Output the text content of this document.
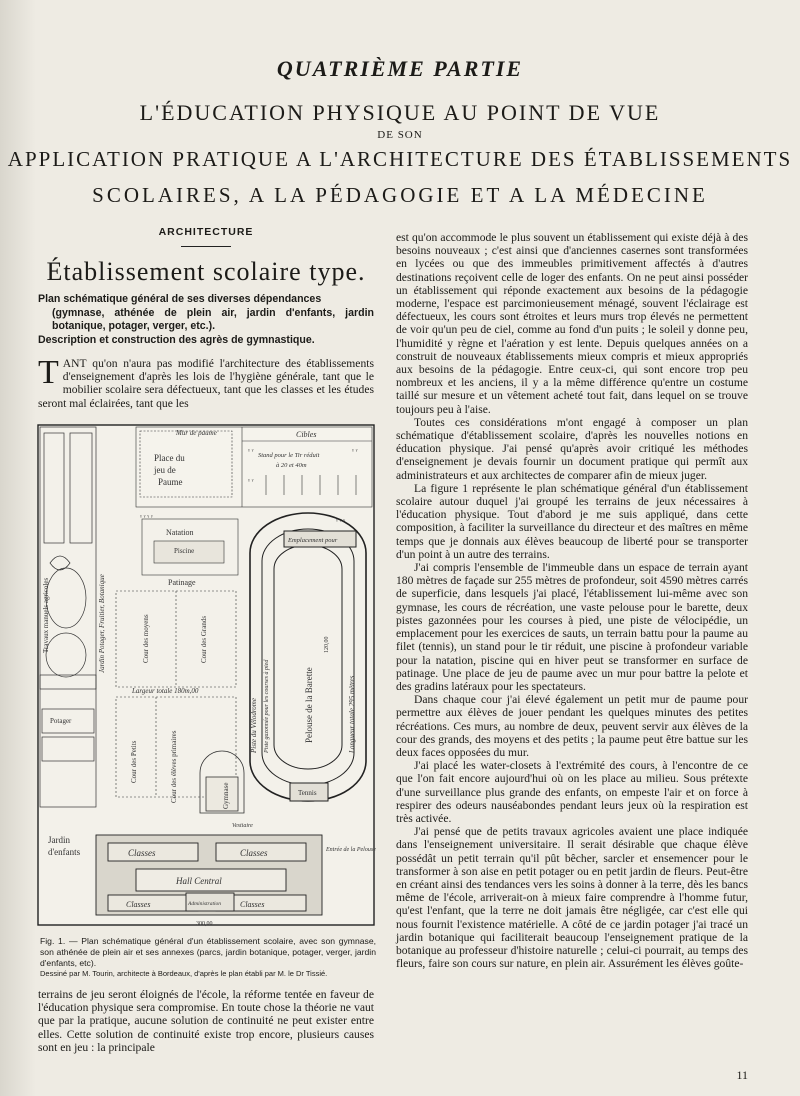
QUATRIÈME PARTIE
L'ÉDUCATION PHYSIQUE AU POINT DE VUE
DE SON
APPLICATION PRATIQUE A L'ARCHITECTURE DES ÉTABLISSEMENTS
SCOLAIRES, A LA PÉDAGOGIE ET A LA MÉDECINE
ARCHITECTURE
Établissement scolaire type.
Plan schématique général de ses diverses dépendances
(gymnase, athénée de plein air, jardin d'enfants, jardin botanique, potager, verger, etc.).
Description et construction des agrès de gymnastique.

TANT qu'on n'aura pas modifié l'architecture des établissements d'enseignement d'après les lois de l'hygiène générale, tant que le mobilier scolaire sera défectueux, tant que les classes et les études seront mal éclairées, tant que les

Mur de paume
Place du
jeu de
Paume
Cibles
Stand pour le Tir réduit
à 20 et 40m
ᵞ ᵞ
ᵞ ᵞ
ᵞ ᵞ
ᵞ ᵞ ᵞ ᵞ	ᵞ ᵞ ᵞ
Travaux manuels agricoles	Jardin Potager, Fruitier, Botanique
Potager
Jardin
d'enfants
Natation
Piscine
Patinage
Cour des moyens	Cour des Grands
Largeur totale 180m,00
Cour des Petits	Cour des élèves primaires	Gymnase
Emplacement pour
Piste du Vélodrome Piste gazonnée pour les courses à pied	Pelouse de la Barette	Longueur totale 295 mètres
Tennis
120,00
Classes	Classes
Hall Central
Classes	Classes
Administration
Vestiaire
Entrée de la Pelouse
300,00
Fig. 1. — Plan schématique général d'un établissement scolaire, avec son gymnase, son athénée de plein air et ses annexes (parcs, jardin botanique, potager, verger, jardin d'enfants, etc).
Dessiné par M. Tourin, architecte à Bordeaux, d'après le plan établi par M. le Dr Tissié.

terrains de jeu seront éloignés de l'école, la réforme tentée en faveur de l'éducation physique sera compromise. En toute chose la théorie ne vaut que par la pratique, aucune solution de continuité ne peut exister entre elles. Cette solution de continuité existe trop encore, plusieurs causes sont en jeu : la principale

est qu'on accommode le plus souvent un établissement qui existe déjà à des besoins nouveaux ; c'est ainsi que d'anciennes casernes sont transformées en lycées ou que des immeubles primitivement affectés à d'autres destinations reçoivent celle de loger des enfants. On ne peut ainsi posséder un établissement qui réponde exactement aux besoins de la pédagogie moderne, l'espace est parcimonieusement ménagé, souvent l'éclairage est défectueux, les cours sont étroites et leurs murs trop élevés ne permettent de voir qu'un peu de ciel, comme au fond d'un puits ; le soleil y donne peu, l'humidité y règne et l'aération y est lente. Depuis quelques années on a construit de nouveaux établissements mieux compris et mieux appropriés aux besoins de la pédagogie. Entre ceux-ci, qui sont encore trop peu nombreux et les anciens, il y a la même différence qu'entre un costume taillé sur mesure et un vêtement acheté tout fait, dans lequel on se trouve toujours peu à l'aise.

Toutes ces considérations m'ont engagé à composer un plan schématique d'établissement scolaire, d'après les nouvelles notions en éducation physique. J'ai pensé qu'après avoir critiqué les méthodes d'enseignement je devais fournir un document pratique qui permît aux administrateurs et aux architectes de comparer afin de mieux juger.

La figure 1 représente le plan schématique général d'un établissement scolaire autour duquel j'ai groupé les terrains de jeux nécessaires à l'éducation physique. Tout d'abord je me suis appliqué, dans cette composition, à faciliter la surveillance du directeur et des maîtres en même temps que je donnais aux élèves beaucoup de liberté pour se transporter d'un point à un autre des terrains.

J'ai compris l'ensemble de l'immeuble dans un espace de terrain ayant 180 mètres de façade sur 255 mètres de profondeur, soit 4590 mètres carrés de superficie, dans lesquels j'ai placé, l'établissement lui-même avec son gymnase, les cours de récréation, une vaste pelouse pour le barette, deux pistes gazonnées pour les courses à pied, une piste de vélocipédie, un emplacement pour les exercices de sauts, un terrain battu pour la paume au filet (tennis), un stand pour le tir réduit, une piscine à profondeur variable pour la natation, piscine qui en hiver peut se transformer en surface de patinage. Une place de jeu de paume avec un mur pour battre la pelote et des gradins latéraux pour les spectateurs.

Dans chaque cour j'ai élevé également un petit mur de paume pour permettre aux élèves de jouer pendant les quelques minutes des petites récréations. Ces murs, au nombre de deux, peuvent servir aux élèves de la cour des grands, des moyens et des petits ; la paume peut être battue sur les deux faces opposées du mur.

J'ai placé les water-closets à l'extrémité des cours, à l'encontre de ce que l'on fait encore aujourd'hui où on les place au milieu. Sous prétexte d'une surveillance plus grande des enfants, on empeste l'air et on force à respirer des odeurs nauséabondes pendant leurs jeux où la respiration est très activée.

J'ai pensé que de petits travaux agricoles avaient une place indiquée dans l'enseignement universitaire. Il serait désirable que chaque élève possédât un petit terrain qu'il pût bêcher, sarcler et ensemencer pour le transformer à son aise en petit potager ou en petit jardin de fleurs. Peut-être en créant ainsi des tendances vers les soins à donner à la terre, dès les bancs même de l'école, arriverait-on à mieux faire comprendre à l'homme futur, qu'est l'enfant, que la terre ne doit jamais être négligée, car c'est elle qui nous fournit l'existence matérielle. A côté de ce jardin potager j'ai tracé un jardin botanique qui faciliterait beaucoup l'enseignement pratique de la botanique au professeur d'histoire naturelle ; celui-ci pourrait, au temps des fleurs, faire son cours sur nature, en plein air. Assurément les élèves goûte-

11
